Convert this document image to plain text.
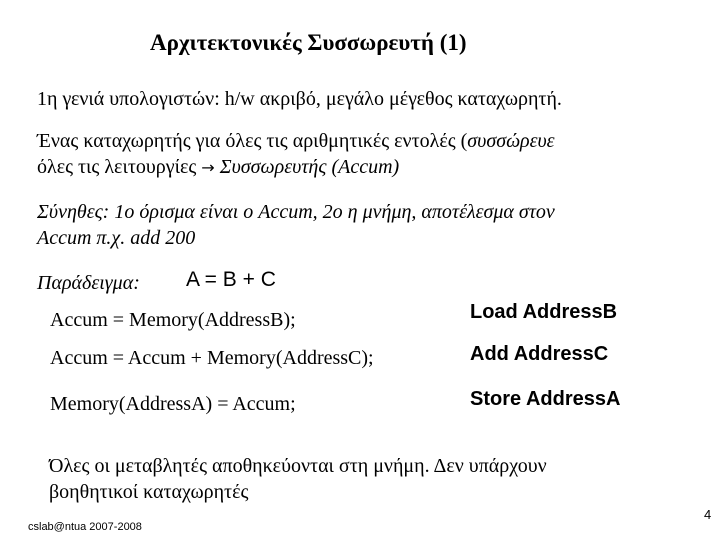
Αρχιτεκτονικές Συσσωρευτή (1)
1η γενιά υπολογιστών: h/w ακριβό, μεγάλο μέγεθος καταχωρητή.
Ένας καταχωρητής για όλες τις αριθμητικές εντολές (συσσώρευε
όλες τις λειτουργίες → Συσσωρευτής (Accum)
Σύνηθες: 1ο όρισμα είναι ο Accum, 2ο η μνήμη, αποτέλεσμα στον
Accum π.χ. add 200
Παράδειγμα: A = B + C
Accum = Memory(AddressB);
Accum = Accum + Memory(AddressC);
Memory(AddressA) = Accum;
Load AddressB
Add AddressC
Store AddressA
Όλες οι μεταβλητές αποθηκεύονται στη μνήμη. Δεν υπάρχουν
βοηθητικοί καταχωρητές
cslab@ntua 2007-2008
4
